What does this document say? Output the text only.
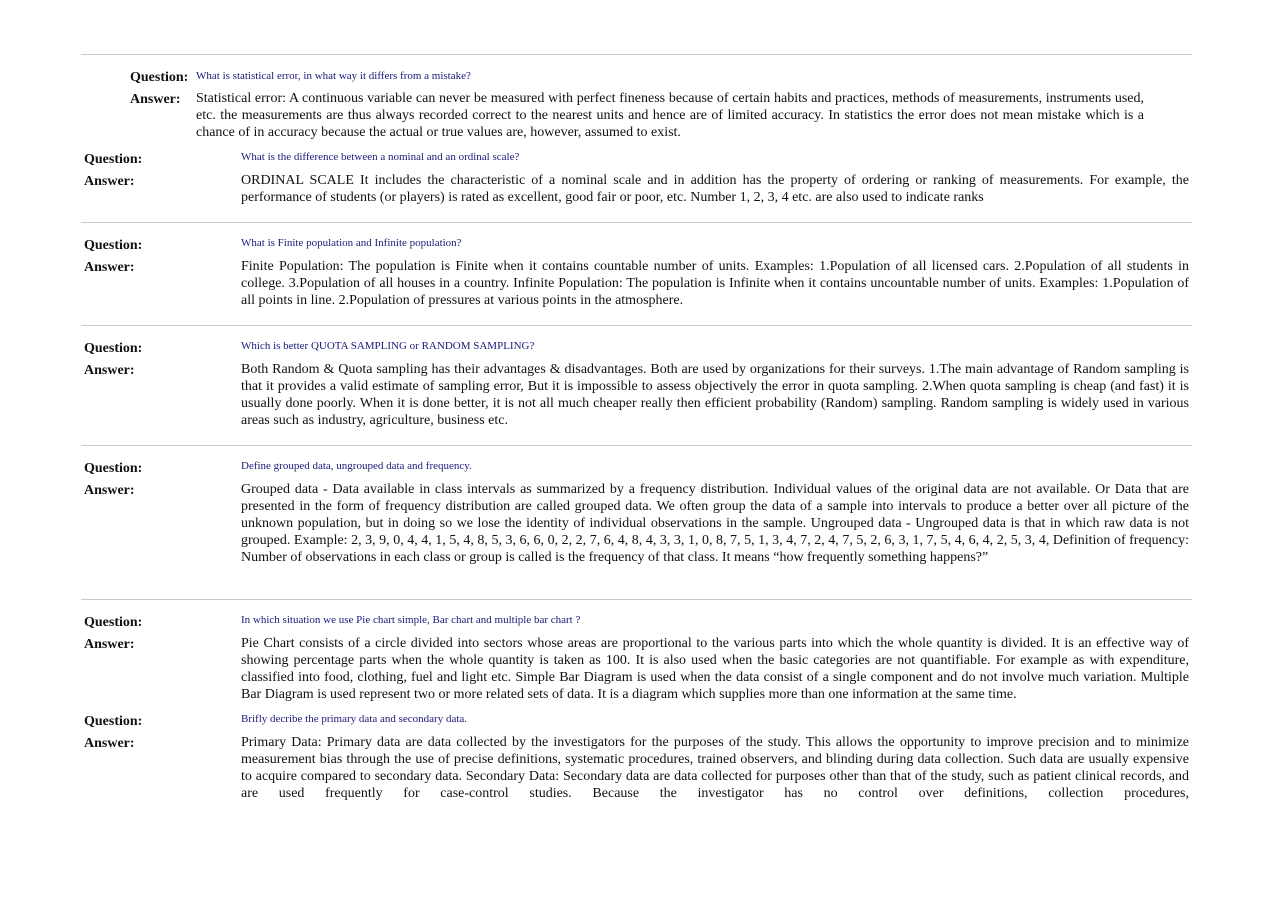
Question: What is statistical error, in what way it differs from a mistake?
Answer: Statistical error: A continuous variable can never be measured with perfect fineness because of certain habits and practices, methods of measurements, instruments used, etc. the measurements are thus always recorded correct to the nearest units and hence are of limited accuracy. In statistics the error does not mean mistake which is a chance of in accuracy because the actual or true values are, however, assumed to exist.
Question:	What is the difference between a nominal and an ordinal scale?
Answer:	ORDINAL SCALE It includes the characteristic of a nominal scale and in addition has the property of ordering or ranking of measurements. For example, the performance of students (or players) is rated as excellent, good fair or poor, etc. Number 1, 2, 3, 4 etc. are also used to indicate ranks
Question:	What is Finite population and Infinite population?
Answer:	Finite Population: The population is Finite when it contains countable number of units. Examples: 1.Population of all licensed cars. 2.Population of all students in college. 3.Population of all houses in a country. Infinite Population: The population is Infinite when it contains uncountable number of units. Examples: 1.Population of all points in line. 2.Population of pressures at various points in the atmosphere.
Question:	Which is better QUOTA SAMPLING or RANDOM SAMPLING?
Answer:	Both Random & Quota sampling has their advantages & disadvantages. Both are used by organizations for their surveys. 1.The main advantage of Random sampling is that it provides a valid estimate of sampling error, But it is impossible to assess objectively the error in quota sampling. 2.When quota sampling is cheap (and fast) it is usually done poorly. When it is done better, it is not all much cheaper really then efficient probability (Random) sampling. Random sampling is widely used in various areas such as industry, agriculture, business etc.
Question:	Define grouped data, ungrouped data and frequency.
Answer:	Grouped data - Data available in class intervals as summarized by a frequency distribution. Individual values of the original data are not available. Or Data that are presented in the form of frequency distribution are called grouped data. We often group the data of a sample into intervals to produce a better over all picture of the unknown population, but in doing so we lose the identity of individual observations in the sample. Ungrouped data - Ungrouped data is that in which raw data is not grouped. Example: 2, 3, 9, 0, 4, 4, 1, 5, 4, 8, 5, 3, 6, 6, 0, 2, 2, 7, 6, 4, 8, 4, 3, 3, 1, 0, 8, 7, 5, 1, 3, 4, 7, 2, 4, 7, 5, 2, 6, 3, 1, 7, 5, 4, 6, 4, 2, 5, 3, 4, Definition of frequency: Number of observations in each class or group is called is the frequency of that class. It means “how frequently something happens?”
Question:	In which situation we use Pie chart simple, Bar chart and multiple bar chart ?
Answer:	Pie Chart consists of a circle divided into sectors whose areas are proportional to the various parts into which the whole quantity is divided. It is an effective way of showing percentage parts when the whole quantity is taken as 100. It is also used when the basic categories are not quantifiable. For example as with expenditure, classified into food, clothing, fuel and light etc. Simple Bar Diagram is used when the data consist of a single component and do not involve much variation. Multiple Bar Diagram is used represent two or more related sets of data. It is a diagram which supplies more than one information at the same time.
Question:	Brifly decribe the primary data and secondary data.
Answer:	Primary Data: Primary data are data collected by the investigators for the purposes of the study. This allows the opportunity to improve precision and to minimize measurement bias through the use of precise definitions, systematic procedures, trained observers, and blinding during data collection. Such data are usually expensive to acquire compared to secondary data. Secondary Data: Secondary data are data collected for purposes other than that of the study, such as patient clinical records, and are used frequently for case-control studies. Because the investigator has no control over definitions, collection procedures,
